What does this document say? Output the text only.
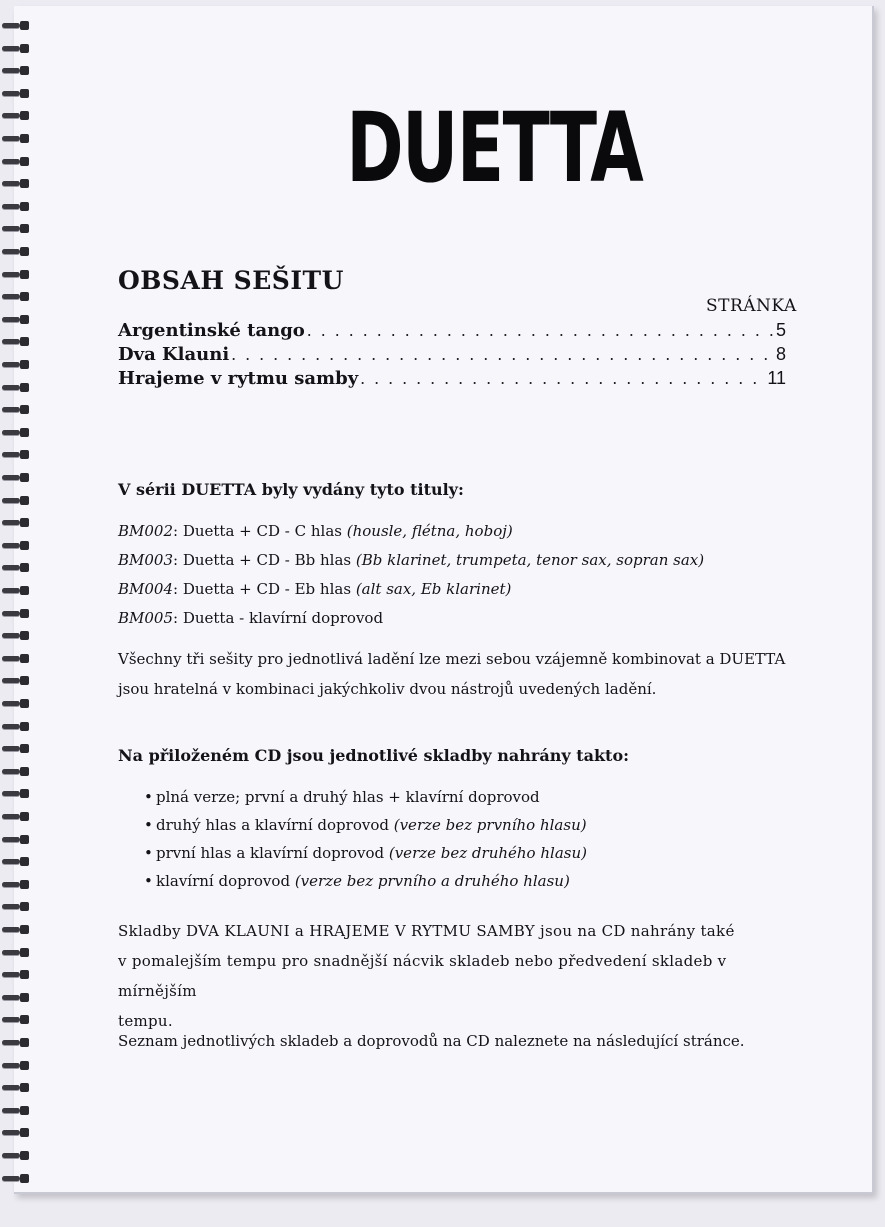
DUETTA
OBSAH SEŠITU
STRÁNKA
Argentinské tango . . .	5
Dva Klauni . . .	8
Hrajeme v rytmu samby . . .	11
V sérii DUETTA byly vydány tyto tituly:
BM002: Duetta + CD - C hlas (housle, flétna, hoboj)
BM003: Duetta + CD - Bb hlas (Bb klarinet, trumpeta, tenor sax, sopran sax)
BM004: Duetta + CD - Eb hlas (alt sax, Eb klarinet)
BM005: Duetta - klavírní doprovod
Všechny tři sešity pro jednotlivá ladění lze mezi sebou vzájemně kombinovat a DUETTA
jsou hratelná v kombinaci jakýchkoliv dvou nástrojů uvedených ladění.
Na přiloženém CD jsou jednotlivé skladby nahrány takto:
• plná verze; první a druhý hlas + klavírní doprovod
• druhý hlas a klavírní doprovod (verze bez prvního hlasu)
• první hlas a klavírní doprovod (verze bez druhého hlasu)
• klavírní doprovod (verze bez prvního a druhého hlasu)
Skladby DVA KLAUNI a HRAJEME V RYTMU SAMBY jsou na CD nahrány také
v pomalejším tempu pro snadnější nácvik skladeb nebo předvedení skladeb v mírnějším
tempu.
Seznam jednotlivých skladeb a doprovodů na CD naleznete na následující stránce.
